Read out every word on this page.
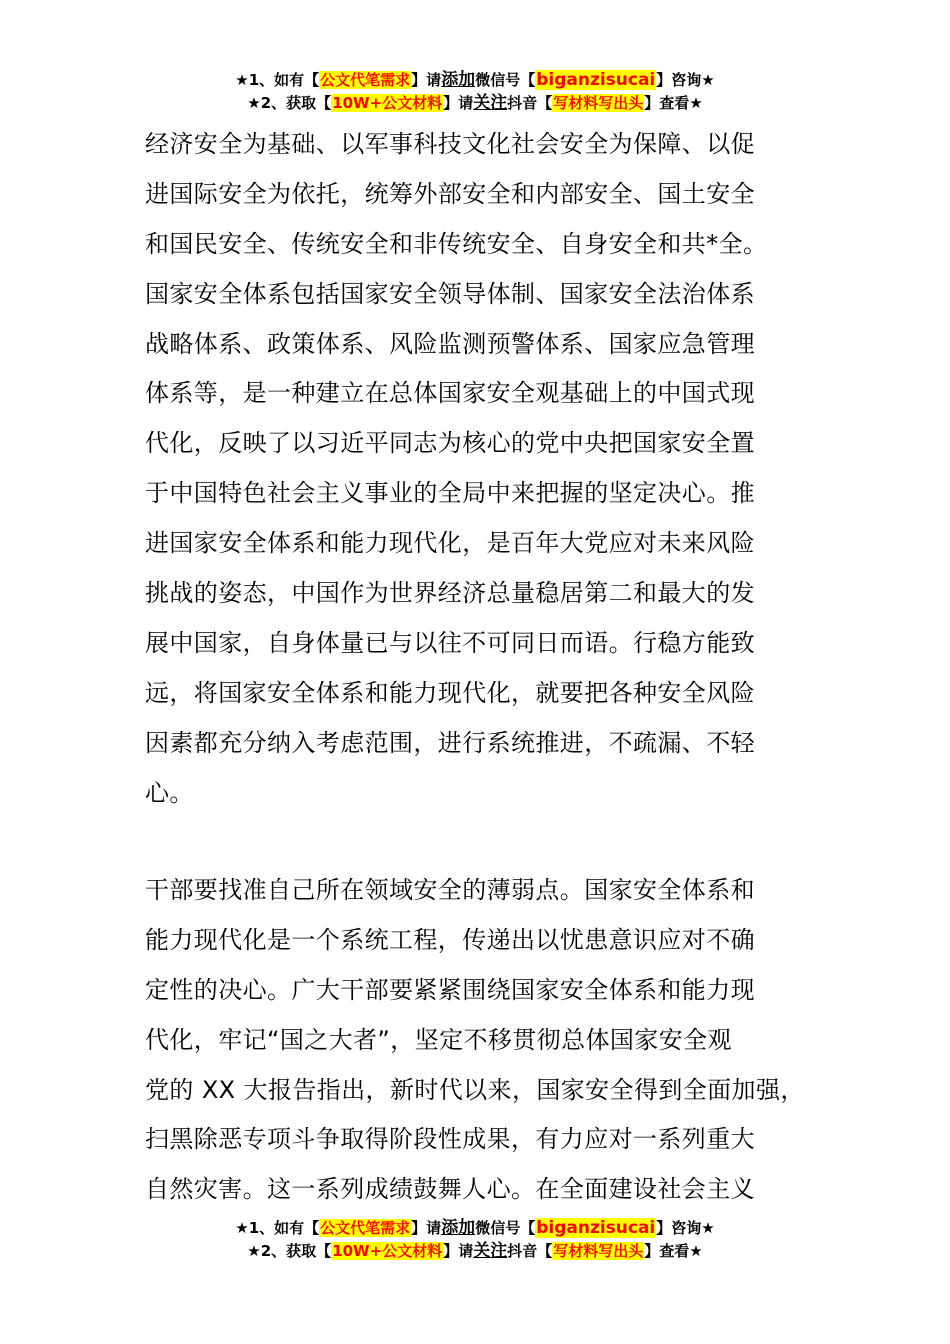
★1、如有【公文代笔需求】请添加微信号【biganzisucai】咨询★
★2、获取【10W+公文材料】请关注抖音【写材料写出头】查看★
经济安全为基础、以军事科技文化社会安全为保障、以促
进国际安全为依托，统筹外部安全和内部安全、国土安全
和国民安全、传统安全和非传统安全、自身安全和共*全。
国家安全体系包括国家安全领导体制、国家安全法治体系
战略体系、政策体系、风险监测预警体系、国家应急管理
体系等，是一种建立在总体国家安全观基础上的中国式现
代化，反映了以习近平同志为核心的党中央把国家安全置
于中国特色社会主义事业的全局中来把握的坚定决心。推
进国家安全体系和能力现代化，是百年大党应对未来风险
挑战的姿态，中国作为世界经济总量稳居第二和最大的发
展中国家，自身体量已与以往不可同日而语。行稳方能致
远，将国家安全体系和能力现代化，就要把各种安全风险
因素都充分纳入考虑范围，进行系统推进，不疏漏、不轻
心。
干部要找准自己所在领域安全的薄弱点。国家安全体系和
能力现代化是一个系统工程，传递出以忧患意识应对不确
定性的决心。广大干部要紧紧围绕国家安全体系和能力现
代化，牢记“国之大者”，坚定不移贯彻总体国家安全观
党的 XX 大报告指出，新时代以来，国家安全得到全面加强，
扫黑除恶专项斗争取得阶段性成果，有力应对一系列重大
自然灾害。这一系列成绩鼓舞人心。在全面建设社会主义
★1、如有【公文代笔需求】请添加微信号【biganzisucai】咨询★
★2、获取【10W+公文材料】请关注抖音【写材料写出头】查看★
